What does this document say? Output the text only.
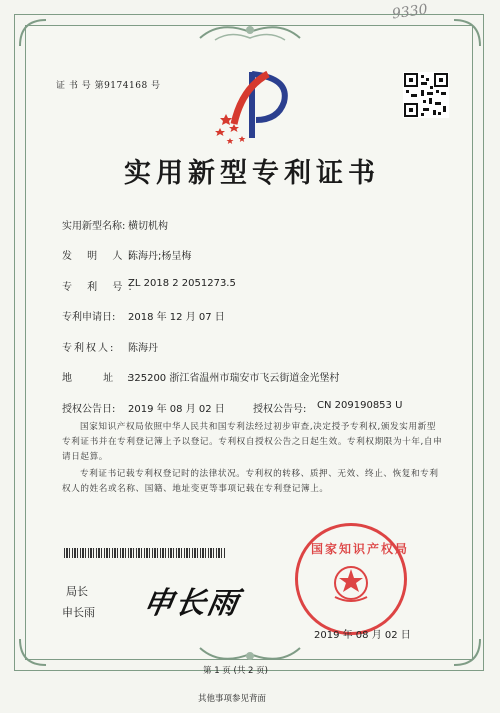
9330
证 书 号 第9174168 号
实用新型专利证书
实用新型名称: 横切机构
发 明 人:
陈海丹;杨呈梅
专 利 号:
ZL 2018 2 2051273.5
专利申请日: 2018 年 12 月 07 日
专利权人: 陈海丹
地 址:
325200 浙江省温州市瑞安市飞云街道金光堡村
授权公告日: 2019 年 08 月 02 日	授权公告号: CN 209190853 U
国家知识产权局依照中华人民共和国专利法经过初步审查,决定授予专利权,颁发实用新型专利证书并在专利登记簿上予以登记。专利权自授权公告之日起生效。专利权期限为十年,自申请日起算。
专利证书记载专利权登记时的法律状况。专利权的转移、质押、无效、终止、恢复和专利权人的姓名或名称、国籍、地址变更等事项记载在专利登记簿上。
局长
申长雨 申长雨
国家知识产权局
2019 年 08 月 02 日
第 1 页 (共 2 页)
其他事项参见背面
